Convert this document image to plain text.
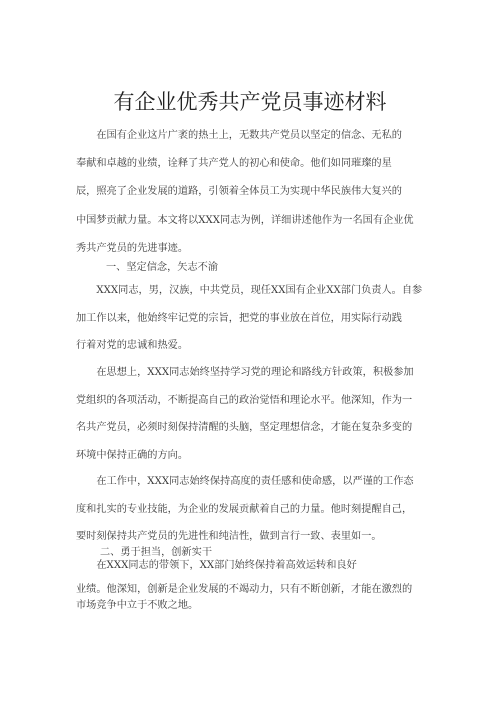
有企业优秀共产党员事迹材料

　　在国有企业这片广袤的热土上，无数共产党员以坚定的信念、无私的
奉献和卓越的业绩，诠释了共产党人的初心和使命。他们如同璀璨的星
辰，照亮了企业发展的道路，引领着全体员工为实现中华民族伟大复兴的
中国梦贡献力量。本文将以XXX同志为例，详细讲述他作为一名国有企业优
秀共产党员的先进事迹。

一、坚定信念，矢志不渝

　　XXX同志，男，汉族，中共党员，现任XX国有企业XX部门负责人。自参
加工作以来，他始终牢记党的宗旨，把党的事业放在首位，用实际行动践
行着对党的忠诚和热爱。

　　在思想上，XXX同志始终坚持学习党的理论和路线方针政策，积极参加
党组织的各项活动，不断提高自己的政治觉悟和理论水平。他深知，作为一
名共产党员，必须时刻保持清醒的头脑，坚定理想信念，才能在复杂多变的
环境中保持正确的方向。

　　在工作中，XXX同志始终保持高度的责任感和使命感，以严谨的工作态
度和扎实的专业技能，为企业的发展贡献着自己的力量。他时刻提醒自己，
要时刻保持共产党员的先进性和纯洁性，做到言行一致、表里如一。

二、勇于担当，创新实干

　　在XXX同志的带领下，XX部门始终保持着高效运转和良好

业绩。他深知，创新是企业发展的不竭动力，只有不断创新，才能在激烈的
市场竞争中立于不败之地。
